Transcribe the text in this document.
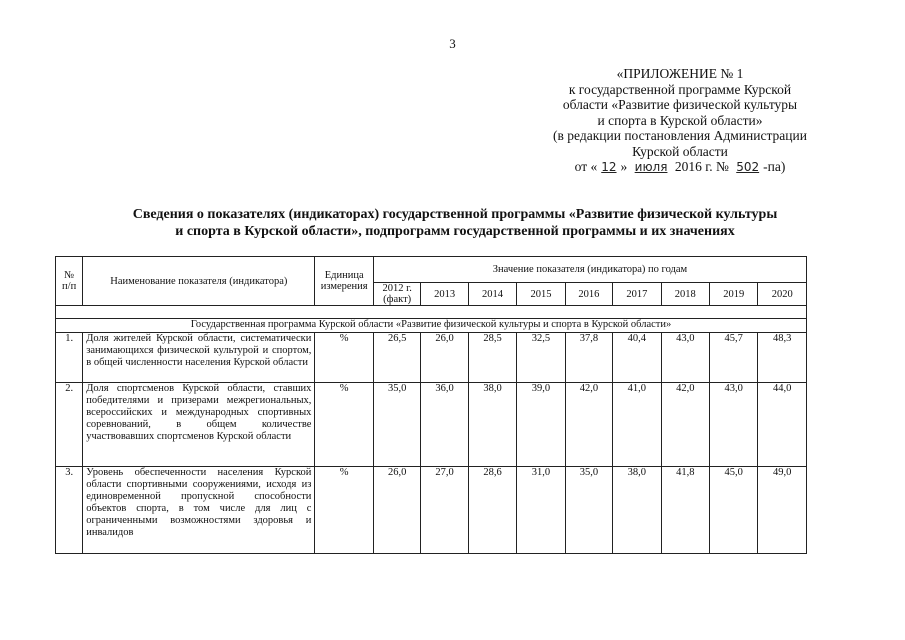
3
«ПРИЛОЖЕНИЕ № 1
к государственной программе Курской
области «Развитие физической культуры
и спорта в Курской области»
(в редакции постановления Администрации
Курской области
от « 12 » июля 2016 г. № 502 -па)
Сведения о показателях (индикаторах) государственной программы «Развитие физической культуры
и спорта в Курской области», подпрограмм государственной программы и их значениях
№ п/п	Наименование показателя (индикатора)	Единица измерения	Значение показателя (индикатора) по годам								
			2012 г. (факт)	2013	2014	2015	2016	2017	2018	2019	2020

Государственная программа Курской области «Развитие физической культуры и спорта в Курской области»											
1.	Доля жителей Курской области, систематически занимающихся физической культурой и спортом, в общей численности населения Курской области	%	26,5	26,0	28,5	32,5	37,8	40,4	43,0	45,7	48,3
2.	Доля спортсменов Курской области, ставших победителями и призерами межрегиональных, всероссийских и международных спортивных соревнований, в общем количестве участвовавших спортсменов Курской области	%	35,0	36,0	38,0	39,0	42,0	41,0	42,0	43,0	44,0
3.	Уровень обеспеченности населения Курской области спортивными сооружениями, исходя из единовременной пропускной способности объектов спорта, в том числе для лиц с ограниченными возможностями здоровья и инвалидов	%	26,0	27,0	28,6	31,0	35,0	38,0	41,8	45,0	49,0
